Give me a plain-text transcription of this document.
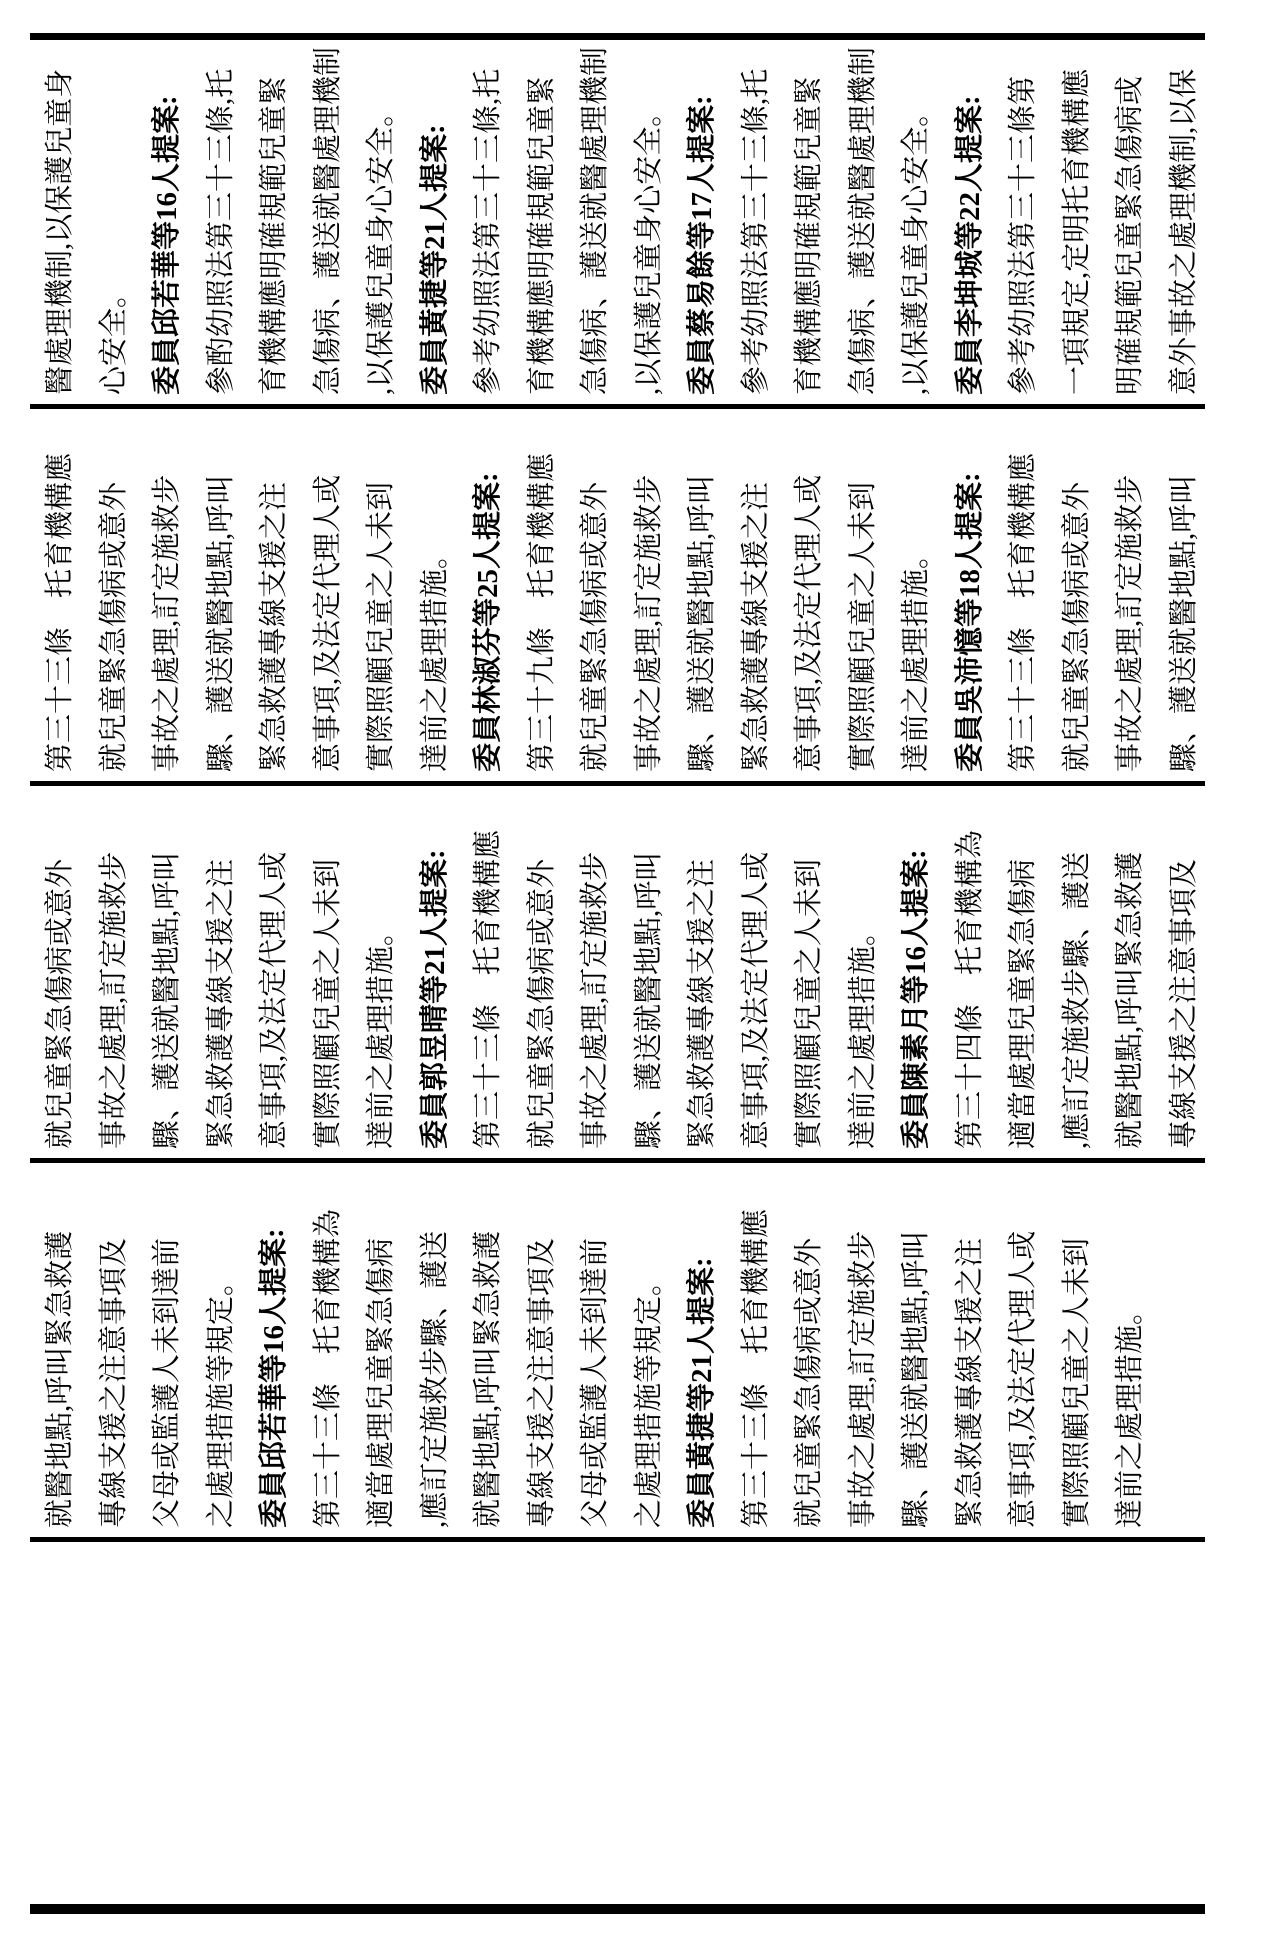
醫處理機制,以保護兒童身 心安全。 委員邱若華等16人提案: 參酌幼照法第三十三條,托 育機構應明確規範兒童緊 急傷病、護送就醫處理機制 ,以保護兒童身心安全。 委員黃捷等21人提案: 參考幼照法第三十三條,托 育機構應明確規範兒童緊 急傷病、護送就醫處理機制 ,以保護兒童身心安全。 委員蔡易餘等17人提案: 參考幼照法第三十三條,托 育機構應明確規範兒童緊 急傷病、護送就醫處理機制 ,以保護兒童身心安全。 委員李坤城等22人提案: 參考幼照法第三十三條第 一項規定,定明托育機構應 明確規範兒童緊急傷病或 意外事故之處理機制,以保
第三十三條　托育機構應 就兒童緊急傷病或意外 事故之處理,訂定施救步 驟、護送就醫地點,呼叫 緊急救護專線支援之注 意事項,及法定代理人或 實際照顧兒童之人未到 達前之處理措施。 委員林淑芬等25人提案: 第三十九條　托育機構應 就兒童緊急傷病或意外 事故之處理,訂定施救步 驟、護送就醫地點,呼叫 緊急救護專線支援之注 意事項,及法定代理人或 實際照顧兒童之人未到 達前之處理措施。 委員吳沛憶等18人提案: 第三十三條　托育機構應 就兒童緊急傷病或意外 事故之處理,訂定施救步 驟、護送就醫地點,呼叫
就兒童緊急傷病或意外 事故之處理,訂定施救步 驟、護送就醫地點,呼叫 緊急救護專線支援之注 意事項,及法定代理人或 實際照顧兒童之人未到 達前之處理措施。 委員郭昱晴等21人提案: 第三十三條　托育機構應 就兒童緊急傷病或意外 事故之處理,訂定施救步 驟、護送就醫地點,呼叫 緊急救護專線支援之注 意事項,及法定代理人或 實際照顧兒童之人未到 達前之處理措施。 委員陳素月等16人提案: 第三十四條　托育機構為 適當處理兒童緊急傷病 ,應訂定施救步驟、護送 就醫地點,呼叫緊急救護 專線支援之注意事項及
就醫地點,呼叫緊急救護 專線支援之注意事項及 父母或監護人未到達前 之處理措施等規定。 委員邱若華等16人提案: 第三十三條　托育機構為 適當處理兒童緊急傷病 ,應訂定施救步驟、護送 就醫地點,呼叫緊急救護 專線支援之注意事項及 父母或監護人未到達前 之處理措施等規定。 委員黃捷等21人提案: 第三十三條　托育機構應 就兒童緊急傷病或意外 事故之處理,訂定施救步 驟、護送就醫地點,呼叫 緊急救護專線支援之注 意事項,及法定代理人或 實際照顧兒童之人未到 達前之處理措施。
